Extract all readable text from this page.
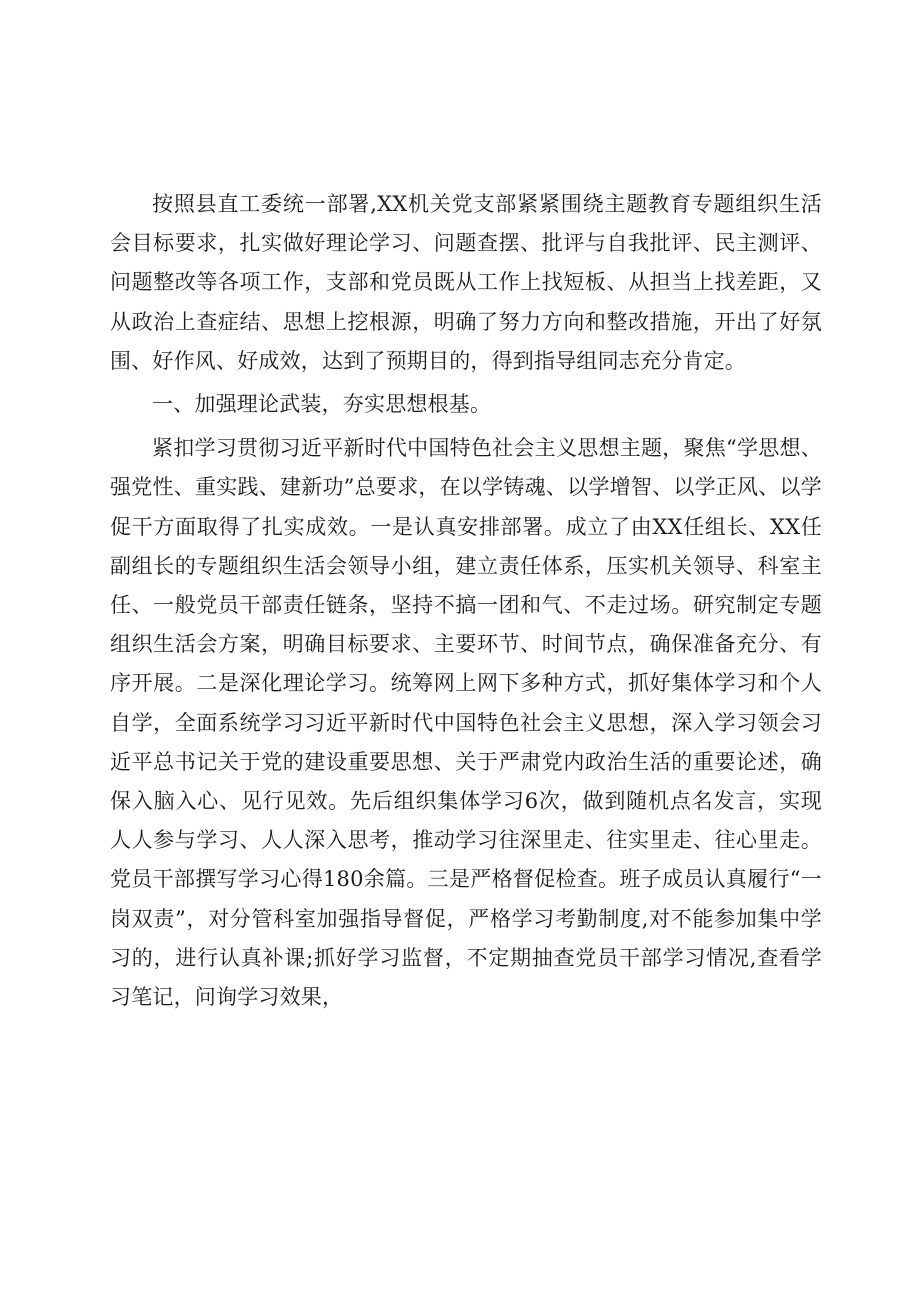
按照县直工委统一部署,XX机关党支部紧紧围绕主题教育专题组织生活会目标要求，扎实做好理论学习、问题查摆、批评与自我批评、民主测评、问题整改等各项工作，支部和党员既从工作上找短板、从担当上找差距，又从政治上查症结、思想上挖根源，明确了努力方向和整改措施，开出了好氛围、好作风、好成效，达到了预期目的，得到指导组同志充分肯定。

一、加强理论武装，夯实思想根基。

紧扣学习贯彻习近平新时代中国特色社会主义思想主题，聚焦“学思想、强党性、重实践、建新功”总要求，在以学铸魂、以学增智、以学正风、以学促干方面取得了扎实成效。一是认真安排部署。成立了由XX任组长、XX任副组长的专题组织生活会领导小组，建立责任体系，压实机关领导、科室主任、一般党员干部责任链条，坚持不搞一团和气、不走过场。研究制定专题组织生活会方案，明确目标要求、主要环节、时间节点，确保准备充分、有序开展。二是深化理论学习。统筹网上网下多种方式，抓好集体学习和个人自学，全面系统学习习近平新时代中国特色社会主义思想，深入学习领会习近平总书记关于党的建设重要思想、关于严肃党内政治生活的重要论述，确保入脑入心、见行见效。先后组织集体学习6次，做到随机点名发言，实现人人参与学习、人人深入思考，推动学习往深里走、往实里走、往心里走。党员干部撰写学习心得180余篇。三是严格督促检查。班子成员认真履行“一岗双责”，对分管科室加强指导督促，严格学习考勤制度,对不能参加集中学习的，进行认真补课;抓好学习监督，不定期抽查党员干部学习情况,查看学习笔记，问询学习效果，
